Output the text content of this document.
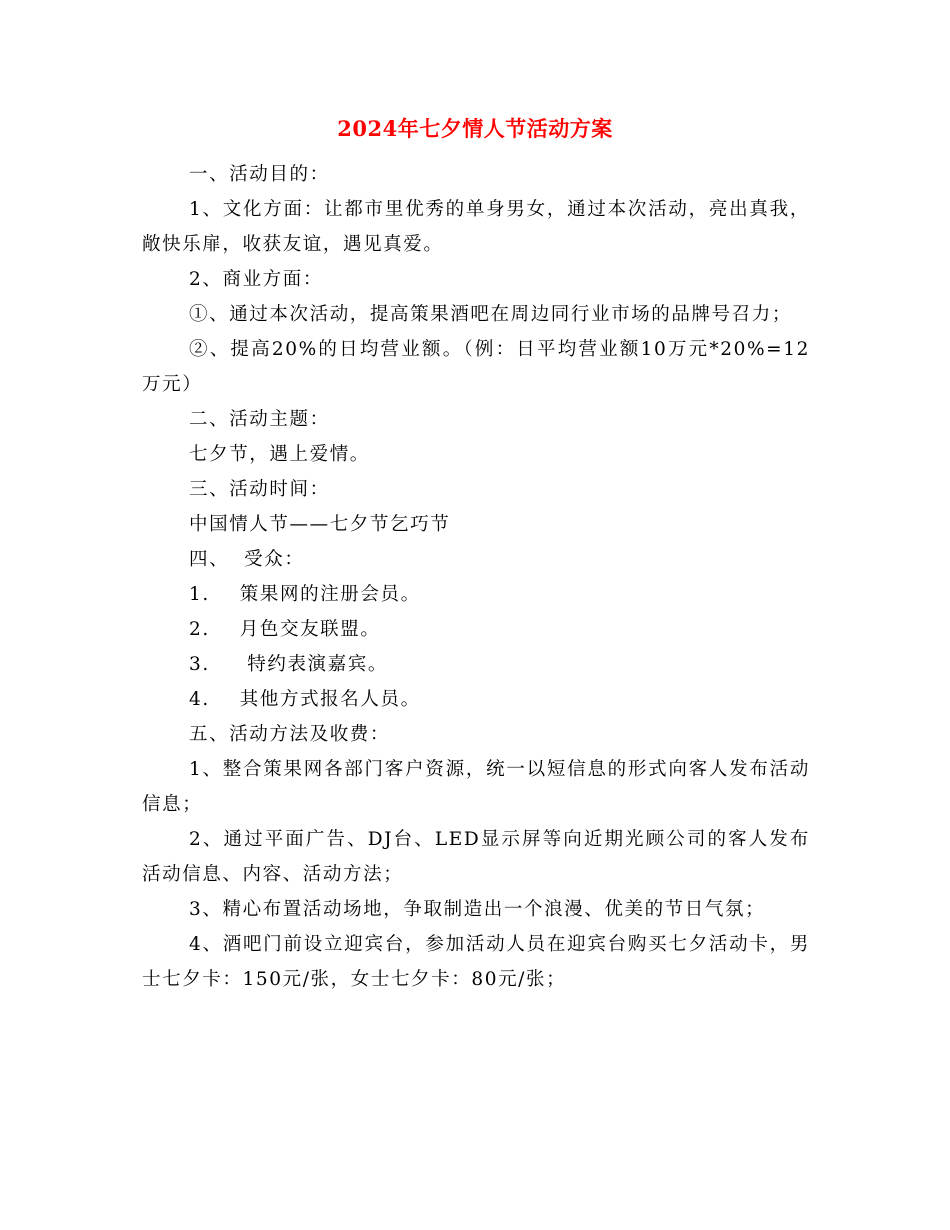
2024年七夕情人节活动方案

一、活动目的：

1、文化方面：让都市里优秀的单身男女，通过本次活动，亮出真我，敞快乐扉，收获友谊，遇见真爱。

2、商业方面：

①、通过本次活动，提高策果酒吧在周边同行业市场的品牌号召力；

②、提高20%的日均营业额。（例：日平均营业额10万元*20%=12万元）

二、活动主题：

七夕节，遇上爱情。

三、活动时间：

中国情人节——七夕节乞巧节

四、  受众：

1.    策果网的注册会员。

2.    月色交友联盟。

3.     特约表演嘉宾。

4.    其他方式报名人员。

五、活动方法及收费：

1、整合策果网各部门客户资源，统一以短信息的形式向客人发布活动信息；

2、通过平面广告、DJ台、LED显示屏等向近期光顾公司的客人发布活动信息、内容、活动方法；

3、精心布置活动场地，争取制造出一个浪漫、优美的节日气氛；

4、酒吧门前设立迎宾台，参加活动人员在迎宾台购买七夕活动卡，男士七夕卡：150元/张，女士七夕卡：80元/张；
